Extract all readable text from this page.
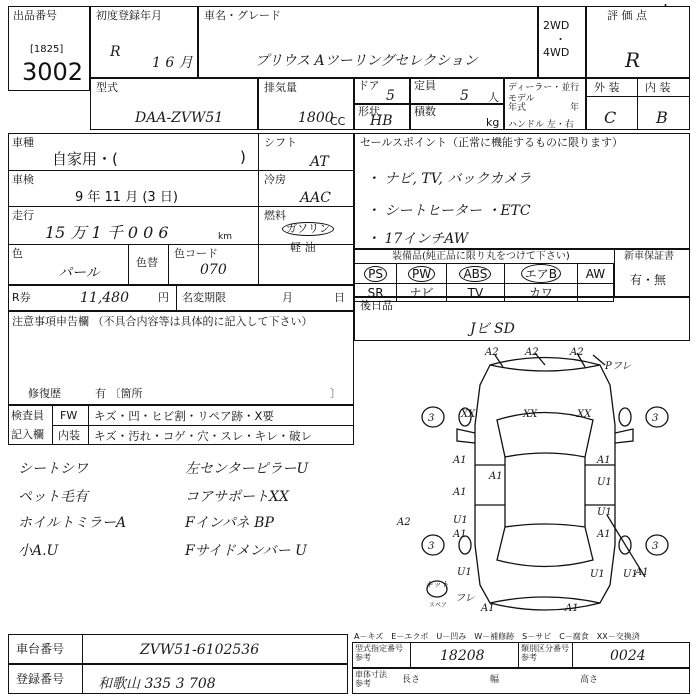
出品番号
[1825]
3002
初度登録年月
R
1 6 月
車名・グレード
プリウス Aツーリングセレクション
2WD
・
4WD
評 価 点
R
・
型式
DAA-ZVW51
排気量
1800
CC
ドア
5
定員
5 人
形状
HB
積数
kg
ディーラー・並行
モデル年式	年
ハンドル 左・右
外 装 内 装
C B
車種
自家用・(	)
シフト
AT
車検
9 年 11 月 (3 日)
冷房
AAC
走行
15 万 1 千 0 0 6	km
燃料
ガソリン
軽 油
色
パール
色替
色コード
070
R券	11,480	円 名変期限	月	日
セールスポイント（正常に機能するものに限ります）
・ ナビ, TV, バックカメラ
・ シートヒーター ・ETC
・ 17インチAW
装備品(純正品に限り丸をつけて下さい)	新車保証書
有・無
PS	PW	ABS	エアB	AW
SR	ナビ	TV	カワ	
後日品
Jビ SD
注意事項申告欄 （不具合内容等は具体的に記入して下さい）
修復歴	有 〔箇所	〕
検査員
記入欄
FW キズ・凹・ヒビ割・リペア跡・X要
内装 キズ・汚れ・コゲ・穴・スレ・キレ・破レ
シートシワ
ペット毛有
ホイルトミラーA
小A.U
左センターピラーU
コアサポートXX
Fインパネ BP
Fサイドメンバー U
A2	A2	A2
Pフレ
3	XX	XX	XX	3
A1
A1
A1
U1
A1
A2	U1
U1
A1	A1
U1
3	3
U1 U1
A1
フレ
A1	A1
キット
スペア
A－キズ　E－エクボ　U－凹み　W－補修跡　S－サビ　C－腐食　XX－交換済
車台番号	ZVW51-6102536
登録番号 和歌山 335 3 708
型式指定番号 参考	18208	類別区分番号 参考	0024
車体寸法 参考	長さ	幅	高さ
